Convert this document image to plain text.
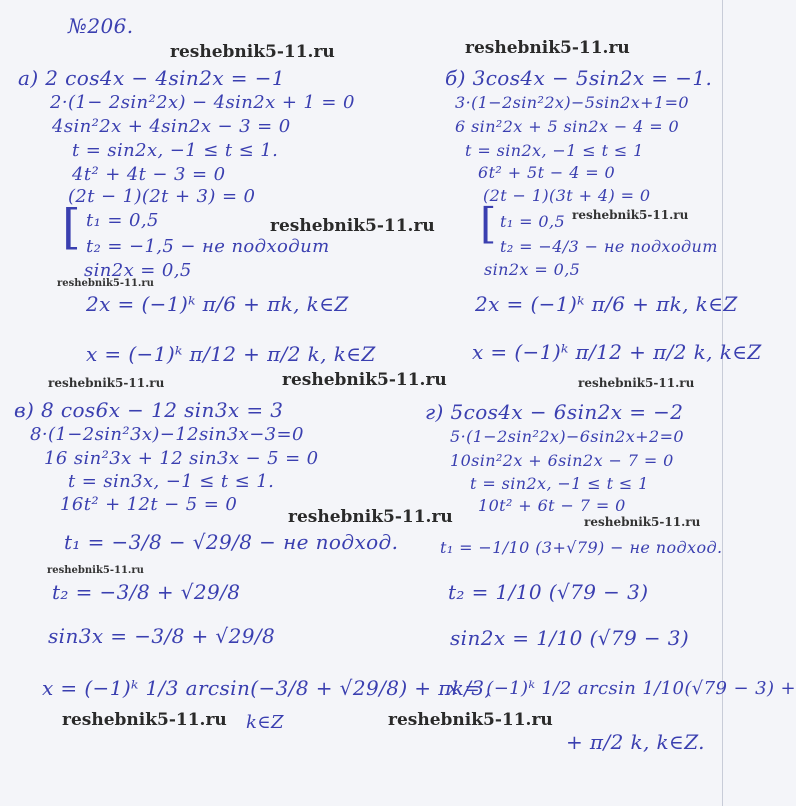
№206.
reshebnik5-11.ru	reshebnik5-11.ru
reshebnik5-11.ru
reshebnik5-11.ru
reshebnik5-11.ru
reshebnik5-11.ru
reshebnik5-11.ru	reshebnik5-11.ru
reshebnik5-11.ru	reshebnik5-11.ru
reshebnik5-11.ru
reshebnik5-11.ru	reshebnik5-11.ru
а) 2 cos4x − 4sin2x = −1
2·(1− 2sin²2x) − 4sin2x + 1 = 0
4sin²2x + 4sin2x − 3 = 0
t = sin2x, −1 ≤ t ≤ 1.
4t² + 4t − 3 = 0
(2t − 1)(2t + 3) = 0
[ t₁ = 0,5
t₂ = −1,5 − не подходит
sin2x = 0,5
2x = (−1)ᵏ π/6 + πk, k∈Z
x = (−1)ᵏ π/12 + π/2 k, k∈Z
б) 3cos4x − 5sin2x = −1.
3·(1−2sin²2x)−5sin2x+1=0
6 sin²2x + 5 sin2x − 4 = 0
t = sin2x, −1 ≤ t ≤ 1
6t² + 5t − 4 = 0
(2t − 1)(3t + 4) = 0
[ t₁ = 0,5
t₂ = −4/3 − не подходит
sin2x = 0,5
2x = (−1)ᵏ π/6 + πk, k∈Z
x = (−1)ᵏ π/12 + π/2 k, k∈Z
в) 8 cos6x − 12 sin3x = 3
8·(1−2sin²3x)−12sin3x−3=0
16 sin²3x + 12 sin3x − 5 = 0
t = sin3x, −1 ≤ t ≤ 1.
16t² + 12t − 5 = 0
t₁ = −3/8 − √29/8 − не подход.
t₂ = −3/8 + √29/8
sin3x = −3/8 + √29/8
x = (−1)ᵏ 1/3 arcsin(−3/8 + √29/8) + πk/3,
k∈Z
г) 5cos4x − 6sin2x = −2
5·(1−2sin²2x)−6sin2x+2=0
10sin²2x + 6sin2x − 7 = 0
t = sin2x, −1 ≤ t ≤ 1
10t² + 6t − 7 = 0
t₁ = −1/10 (3+√79) − не подход.
t₂ = 1/10 (√79 − 3)
sin2x = 1/10 (√79 − 3)
x = (−1)ᵏ 1/2 arcsin 1/10(√79 − 3) +
+ π/2 k, k∈Z.
